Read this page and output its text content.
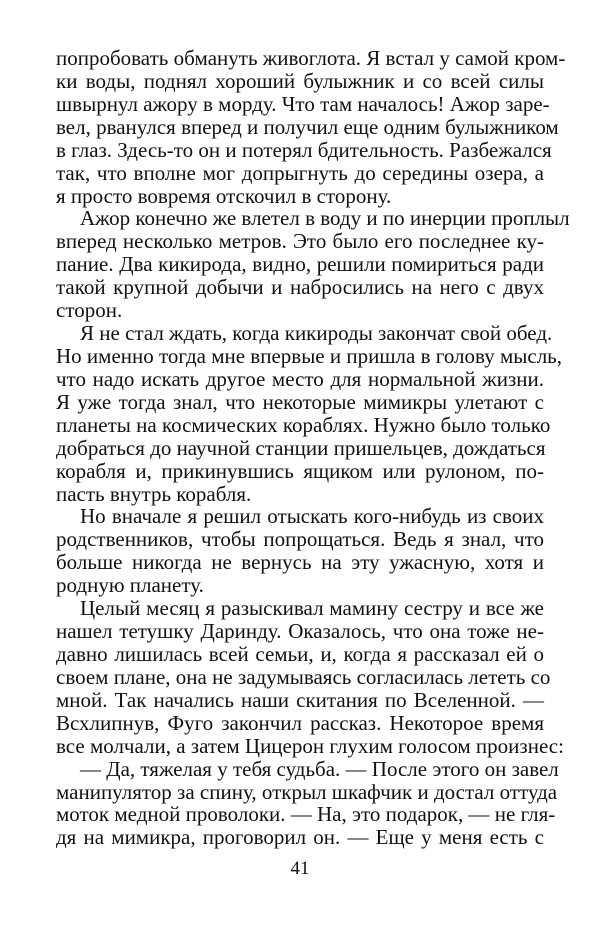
попробовать обмануть живоглота. Я встал у самой кром-
ки воды, поднял хороший булыжник и со всей силы
швырнул ажору в морду. Что там началось! Ажор заре-
вел, рванулся вперед и получил еще одним булыжником
в глаз. Здесь-то он и потерял бдительность. Разбежался
так, что вполне мог допрыгнуть до середины озера, а
я просто вовремя отскочил в сторону.
Ажор конечно же влетел в воду и по инерции проплыл
вперед несколько метров. Это было его последнее ку-
пание. Два кикирода, видно, решили помириться ради
такой крупной добычи и набросились на него с двух
сторон.
Я не стал ждать, когда кикироды закончат свой обед.
Но именно тогда мне впервые и пришла в голову мысль,
что надо искать другое место для нормальной жизни.
Я уже тогда знал, что некоторые мимикры улетают с
планеты на космических кораблях. Нужно было только
добраться до научной станции пришельцев, дождаться
корабля и, прикинувшись ящиком или рулоном, по-
пасть внутрь корабля.
Но вначале я решил отыскать кого-нибудь из своих
родственников, чтобы попрощаться. Ведь я знал, что
больше никогда не вернусь на эту ужасную, хотя и
родную планету.
Целый месяц я разыскивал мамину сестру и все же
нашел тетушку Даринду. Оказалось, что она тоже не-
давно лишилась всей семьи, и, когда я рассказал ей о
своем плане, она не задумываясь согласилась лететь со
мной. Так начались наши скитания по Вселенной. —
Всхлипнув, Фуго закончил рассказ. Некоторое время
все молчали, а затем Цицерон глухим голосом произнес:
— Да, тяжелая у тебя судьба. — После этого он завел
манипулятор за спину, открыл шкафчик и достал оттуда
моток медной проволоки. — На, это подарок, — не гля-
дя на мимикра, проговорил он. — Еще у меня есть с
41
